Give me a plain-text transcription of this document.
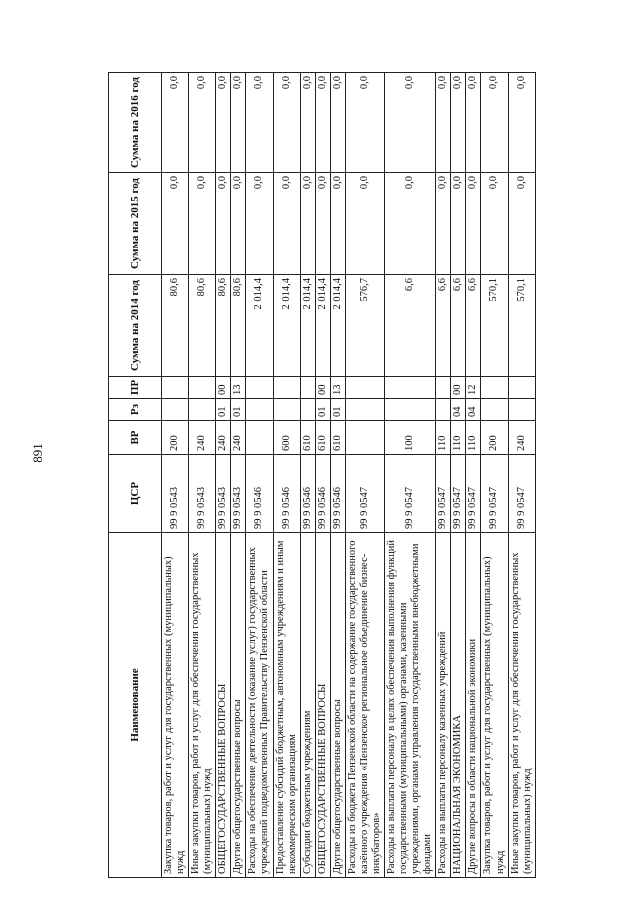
891
Наименование	ЦСР	ВР	Рз	ПР	Сумма на 2014 год	Сумма на 2015 год	Сумма на 2016 год
Закупка товаров, работ и услуг для государственных (муниципальных) нужд	99 9 0543	200			80,6	0,0	0,0
Иные закупки товаров, работ и услуг для обеспечения государственных (муниципальных) нужд	99 9 0543	240			80,6	0,0	0,0
ОБЩЕГОСУДАРСТВЕННЫЕ ВОПРОСЫ	99 9 0543	240	01	00	80,6	0,0	0,0
Другие общегосударственные вопросы	99 9 0543	240	01	13	80,6	0,0	0,0
Расходы на обеспечение деятельности (оказание услуг) государственных учреждений подведомственных Правительству Пензенской области	99 9 0546				2 014,4	0,0	0,0
Предоставление субсидий бюджетным, автономным учреждениям и иным некоммерческим организациям	99 9 0546	600			2 014,4	0,0	0,0
Субсидии бюджетным учреждениям	99 9 0546	610			2 014,4	0,0	0,0
ОБЩЕГОСУДАРСТВЕННЫЕ ВОПРОСЫ	99 9 0546	610	01	00	2 014,4	0,0	0,0
Другие общегосударственные вопросы	99 9 0546	610	01	13	2 014,4	0,0	0,0
Расходы из бюджета Пензенской области на содержание государственного казённого учреждения «Пензенское региональное объединение бизнес-инкубаторов»	99 9 0547				576,7	0,0	0,0
Расходы на выплаты персоналу в целях обеспечения выполнения функций государственными (муниципальными) органами, казенными учреждениями, органами управления государственными внебюджетными фондами	99 9 0547	100			6,6	0,0	0,0
Расходы на выплаты персоналу казенных учреждений	99 9 0547	110			6,6	0,0	0,0
НАЦИОНАЛЬНАЯ ЭКОНОМИКА	99 9 0547	110	04	00	6,6	0,0	0,0
Другие вопросы в области национальной экономики	99 9 0547	110	04	12	6,6	0,0	0,0
Закупка товаров, работ и услуг для государственных (муниципальных) нужд	99 9 0547	200			570,1	0,0	0,0
Иные закупки товаров, работ и услуг для обеспечения государственных (муниципальных) нужд	99 9 0547	240			570,1	0,0	0,0
